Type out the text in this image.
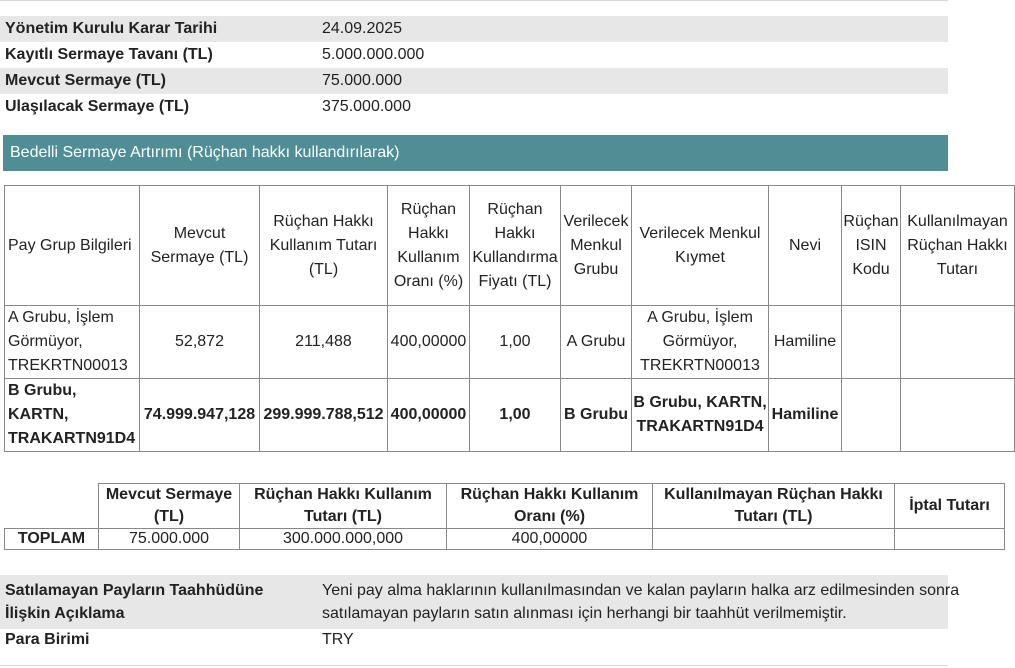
Yönetim Kurulu Karar Tarihi	24.09.2025
Kayıtlı Sermaye Tavanı (TL)	5.000.000.000
Mevcut Sermaye (TL)	75.000.000
Ulaşılacak Sermaye (TL)	375.000.000
Bedelli Sermaye Artırımı (Rüçhan hakkı kullandırılarak)
Pay Grup Bilgileri	Mevcut Sermaye (TL)	Rüçhan Hakkı Kullanım Tutarı (TL)	Rüçhan Hakkı Kullanım Oranı (%)	Rüçhan Hakkı Kullandırma Fiyatı (TL)	Verilecek Menkul Grubu	Verilecek Menkul Kıymet	Nevi	Rüçhan ISIN Kodu	Kullanılmayan Rüçhan Hakkı Tutarı
A Grubu, İşlem Görmüyor, TREKRTN00013	52,872	211,488	400,00000	1,00	A Grubu	A Grubu, İşlem Görmüyor, TREKRTN00013	Hamiline		
B Grubu, KARTN, TRAKARTN91D4	74.999.947,128	299.999.788,512	400,00000	1,00	B Grubu	B Grubu, KARTN, TRAKARTN91D4	Hamiline		
	Mevcut Sermaye (TL)	Rüçhan Hakkı Kullanım Tutarı (TL)	Rüçhan Hakkı Kullanım Oranı (%)	Kullanılmayan Rüçhan Hakkı Tutarı (TL)	İptal Tutarı
TOPLAM	75.000.000	300.000.000,000	400,00000		
Satılamayan Payların Taahhüdüne İlişkin Açıklama
Yeni pay alma haklarının kullanılmasından ve kalan payların halka arz edilmesinden sonra satılamayan payların satın alınması için herhangi bir taahhüt verilmemiştir.
Para Birimi	TRY
